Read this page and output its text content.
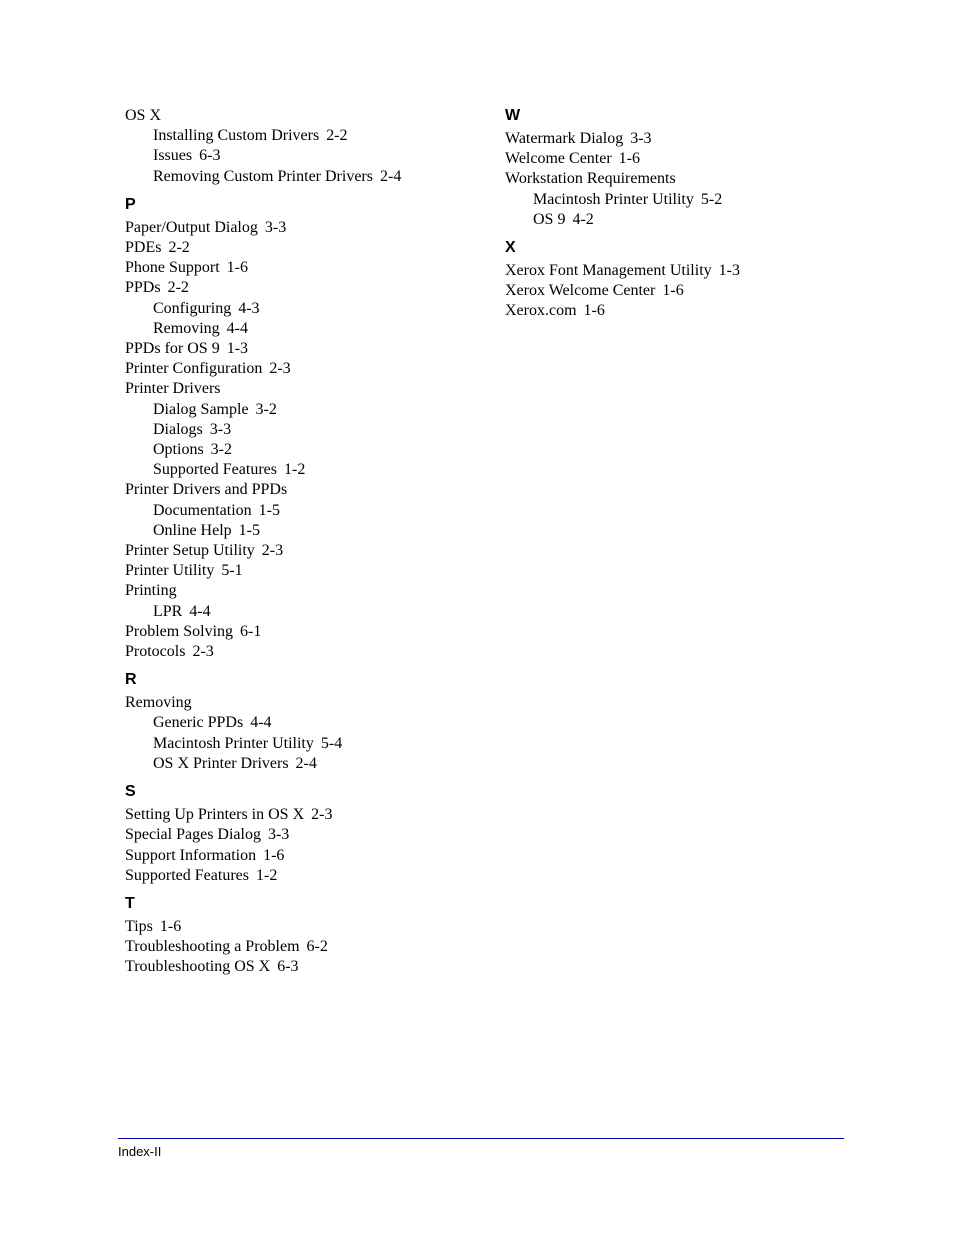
OS X
Installing Custom Drivers 2-2
Issues 6-3
Removing Custom Printer Drivers 2-4
P
Paper/Output Dialog 3-3
PDEs 2-2
Phone Support 1-6
PPDs 2-2
Configuring 4-3
Removing 4-4
PPDs for OS 9 1-3
Printer Configuration 2-3
Printer Drivers
Dialog Sample 3-2
Dialogs 3-3
Options 3-2
Supported Features 1-2
Printer Drivers and PPDs
Documentation 1-5
Online Help 1-5
Printer Setup Utility 2-3
Printer Utility 5-1
Printing
LPR 4-4
Problem Solving 6-1
Protocols 2-3
R
Removing
Generic PPDs 4-4
Macintosh Printer Utility 5-4
OS X Printer Drivers 2-4
S
Setting Up Printers in OS X 2-3
Special Pages Dialog 3-3
Support Information 1-6
Supported Features 1-2
T
Tips 1-6
Troubleshooting a Problem 6-2
Troubleshooting OS X 6-3
W
Watermark Dialog 3-3
Welcome Center 1-6
Workstation Requirements
Macintosh Printer Utility 5-2
OS 9 4-2
X
Xerox Font Management Utility 1-3
Xerox Welcome Center 1-6
Xerox.com 1-6
Index-II
